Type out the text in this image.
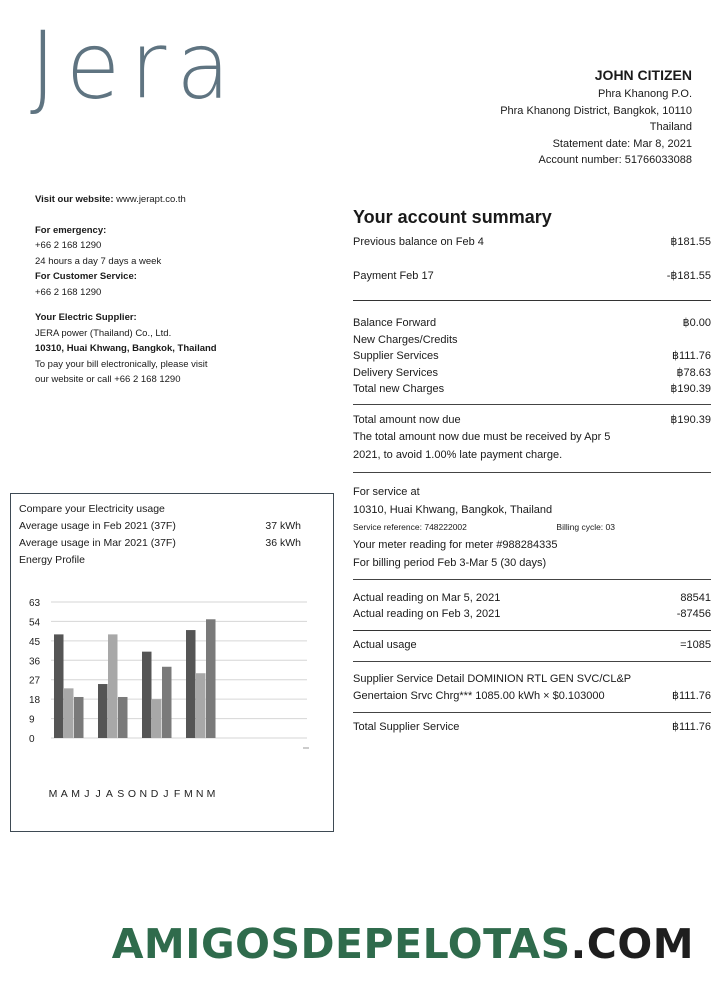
Jera	JOHN CITIZEN
Phra Khanong P.O.
Phra Khanong District, Bangkok, 10110
Thailand
Statement date: Mar 8, 2021
Account number: 51766033088
Visit our website: www.jerapt.co.th
For emergency:
+66 2 168 1290
24 hours a day 7 days a week
For Customer Service:
+66 2 168 1290
Your Electric Supplier:
JERA power (Thailand) Co., Ltd.
10310, Huai Khwang, Bangkok, Thailand
To pay your bill electronically, please visit
our website or call +66 2 168 1290
Your account summary
Previous balance on Feb 4	฿181.55
Payment Feb 17	-฿181.55
Balance Forward	฿0.00
New Charges/Credits
Supplier Services	฿111.76
Delivery Services	฿78.63
Total new Charges	฿190.39
Total amount now due	฿190.39
The total amount now due must be received by Apr 5
2021, to avoid 1.00% late payment charge.
For service at
10310, Huai Khwang, Bangkok, Thailand
Service reference: 748222002	Billing cycle: 03
Your meter reading for meter #988284335
For billing period Feb 3-Mar 5 (30 days)
Actual reading on Mar 5, 2021	88541
Actual reading on Feb 3, 2021	-87456
Actual usage	=1085
Supplier Service Detail DOMINION RTL GEN SVC/CL&P
Genertaion Srvc Chrg*** 1085.00 kWh × $0.103000	฿111.76
Total Supplier Service	฿111.76
Compare your Electricity usage
Average usage in Feb 2021 (37F)	37 kWh
Average usage in Mar 2021 (37F)	36 kWh
Energy Profile
0
9
18
27
36
45
54
63
M A M J J A S O N D J F M N M
AMIGOSDEPELOTAS.COM
